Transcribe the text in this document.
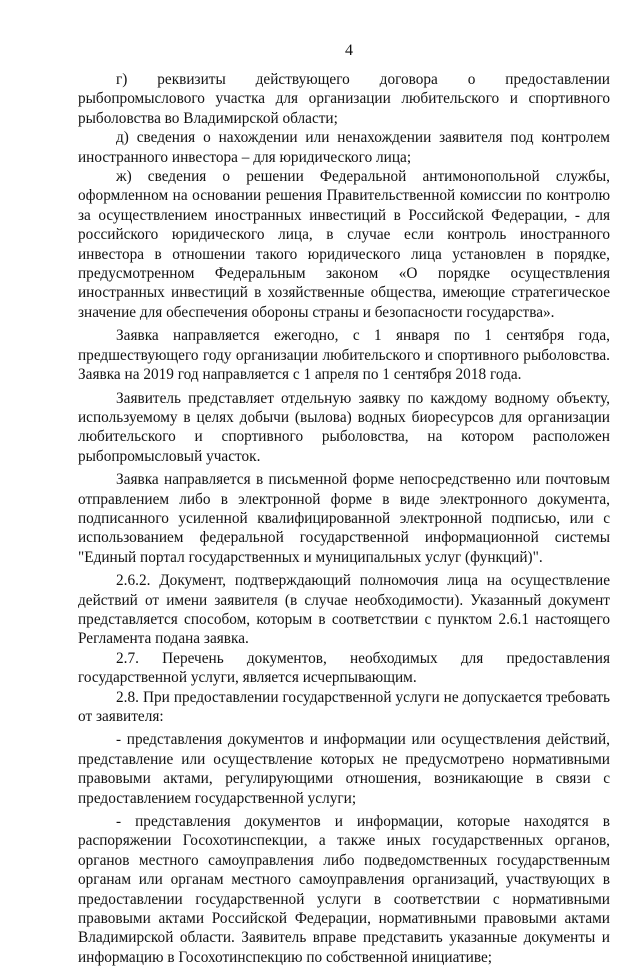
4

г) реквизиты действующего договора о предоставлении рыбопромыслового участка для организации любительского и спортивного рыболовства во Владимирской области;

д) сведения о нахождении или ненахождении заявителя под контролем иностранного инвестора – для юридического лица;

ж) сведения о решении Федеральной антимонопольной службы, оформленном на основании решения Правительственной комиссии по контролю за осуществлением иностранных инвестиций в Российской Федерации, - для российского юридического лица, в случае если контроль иностранного инвестора в отношении такого юридического лица установлен в порядке, предусмотренном Федеральным законом «О порядке осуществления иностранных инвестиций в хозяйственные общества, имеющие стратегическое значение для обеспечения обороны страны и безопасности государства».

Заявка направляется ежегодно, с 1 января по 1 сентября года, предшествующего году организации любительского и спортивного рыболовства. Заявка на 2019 год направляется с 1 апреля по 1 сентября 2018 года.

Заявитель представляет отдельную заявку по каждому водному объекту, используемому в целях добычи (вылова) водных биоресурсов для организации любительского и спортивного рыболовства, на котором расположен рыбопромысловый участок.

Заявка направляется в письменной форме непосредственно или почтовым отправлением либо в электронной форме в виде электронного документа, подписанного усиленной квалифицированной электронной подписью, или с использованием федеральной государственной информационной системы "Единый портал государственных и муниципальных услуг (функций)".

2.6.2. Документ, подтверждающий полномочия лица на осуществление действий от имени заявителя (в случае необходимости). Указанный документ представляется способом, которым в соответствии с пунктом 2.6.1 настоящего Регламента подана заявка.

2.7. Перечень документов, необходимых для предоставления государственной услуги, является исчерпывающим.

2.8. При предоставлении государственной услуги не допускается требовать от заявителя:

- представления документов и информации или осуществления действий, представление или осуществление которых не предусмотрено нормативными правовыми актами, регулирующими отношения, возникающие в связи с предоставлением государственной услуги;

- представления документов и информации, которые находятся в распоряжении Госохотинспекции, а также иных государственных органов, органов местного самоуправления либо подведомственных государственным органам или органам местного самоуправления организаций, участвующих в предоставлении государственной услуги в соответствии с нормативными правовыми актами Российской Федерации, нормативными правовыми актами Владимирской области. Заявитель вправе представить указанные документы и информацию в Госохотинспекцию по собственной инициативе;
